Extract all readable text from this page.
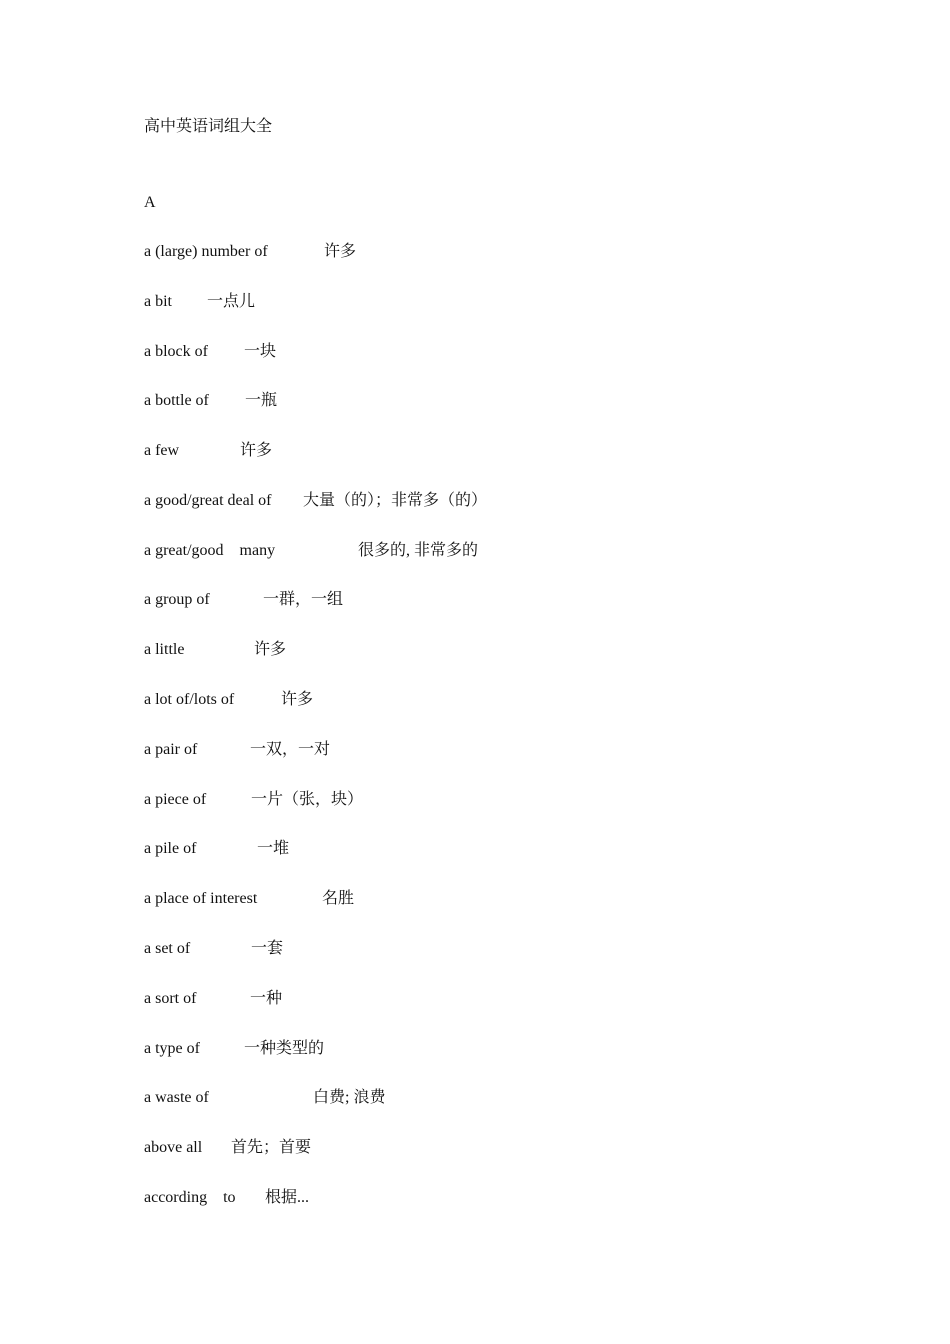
高中英语词组大全
A
a (large) number of	许多
a bit 一点儿
a block of 一块
a bottle of 一瓶
a few	许多
a good/great deal of 大量（的）；非常多（的）
a great/good    many	很多的, 非常多的
a group of	一群，一组
a little	许多
a lot of/lots of	许多
a pair of	一双，一对
a piece of	一片（张，块）
a pile of	一堆
a place of interest	名胜
a set of	一套
a sort of	一种
a type of	一种类型的
a waste of	白费; 浪费
above all 首先；首要
according    to 根据...
